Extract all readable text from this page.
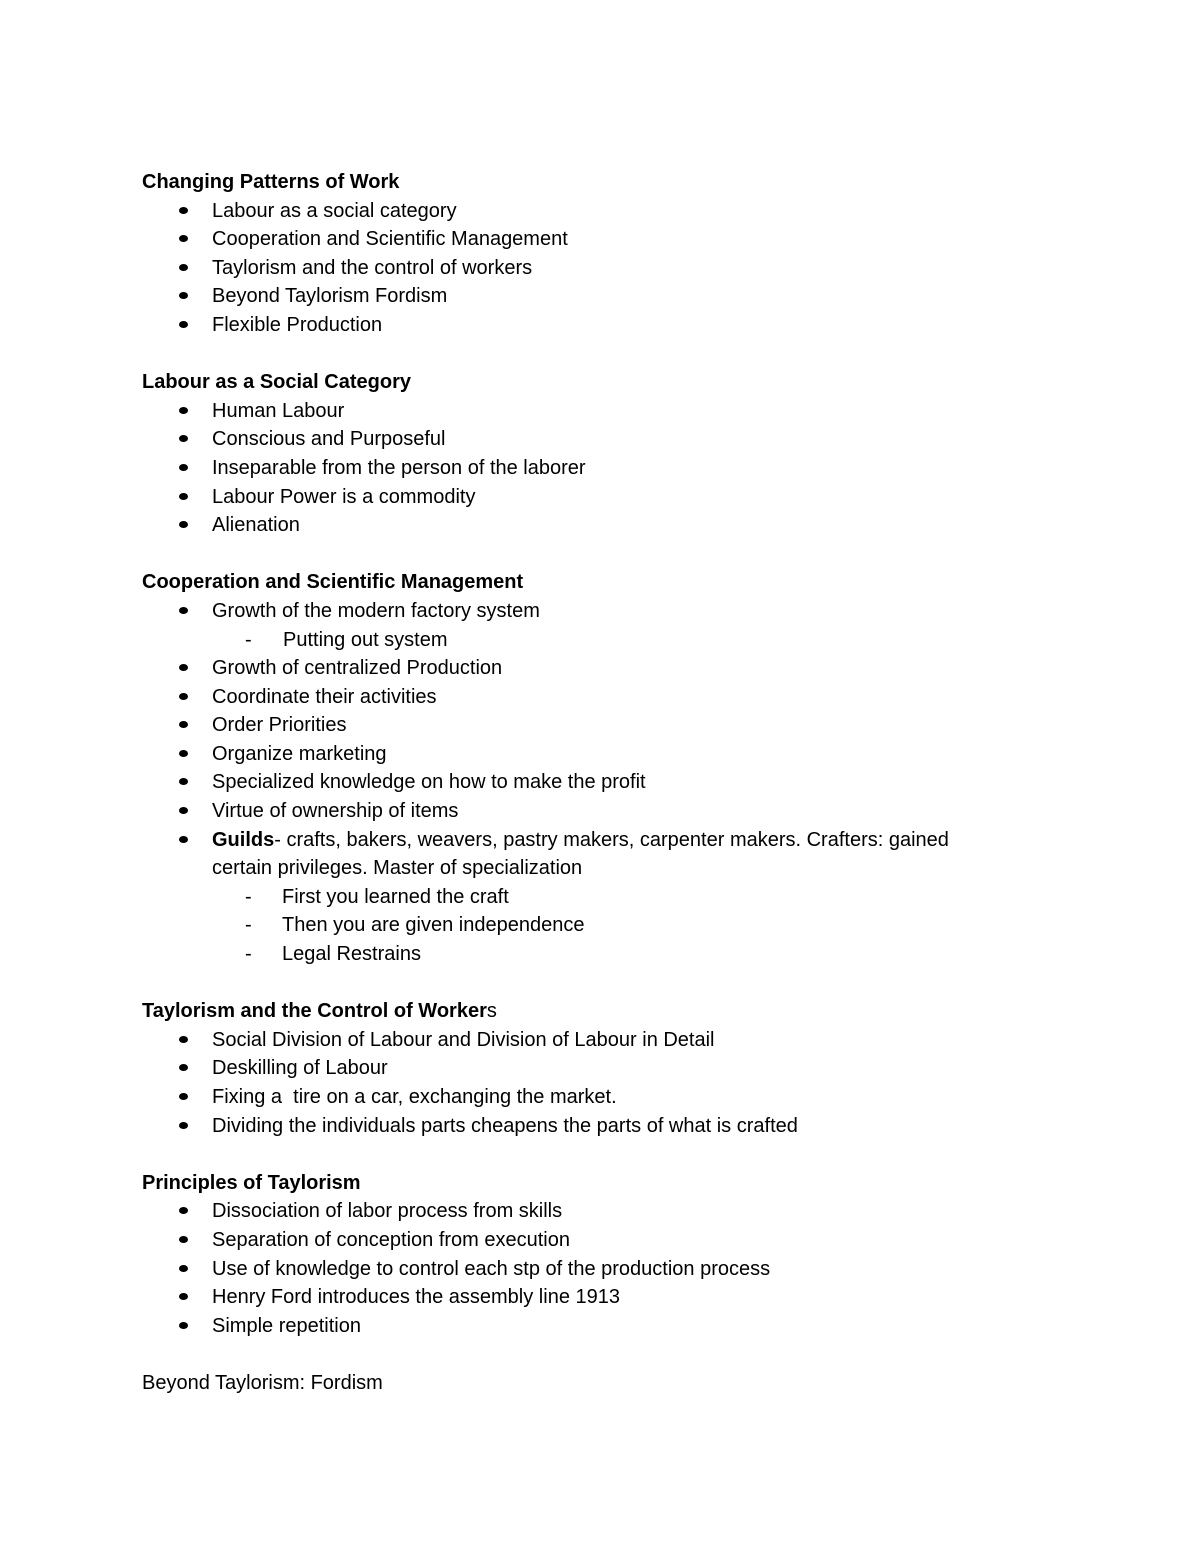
Changing Patterns of Work

Labour as a social category
Cooperation and Scientific Management
Taylorism and the control of workers
Beyond Taylorism Fordism
Flexible Production

Labour as a Social Category

Human Labour
Conscious and Purposeful
Inseparable from the person of the laborer
Labour Power is a commodity
Alienation

Cooperation and Scientific Management

Growth of the modern factory system
- Putting out system
Growth of centralized Production
Coordinate their activities
Order Priorities
Organize marketing
Specialized knowledge on how to make the profit
Virtue of ownership of items
Guilds- crafts, bakers, weavers, pastry makers, carpenter makers. Crafters: gained
certain privileges. Master of specialization
- First you learned the craft
- Then you are given independence
- Legal Restrains

Taylorism and the Control of Workers

Social Division of Labour and Division of Labour in Detail
Deskilling of Labour
Fixing a  tire on a car, exchanging the market.
Dividing the individuals parts cheapens the parts of what is crafted

Principles of Taylorism

Dissociation of labor process from skills
Separation of conception from execution
Use of knowledge to control each stp of the production process
Henry Ford introduces the assembly line 1913
Simple repetition

Beyond Taylorism: Fordism
